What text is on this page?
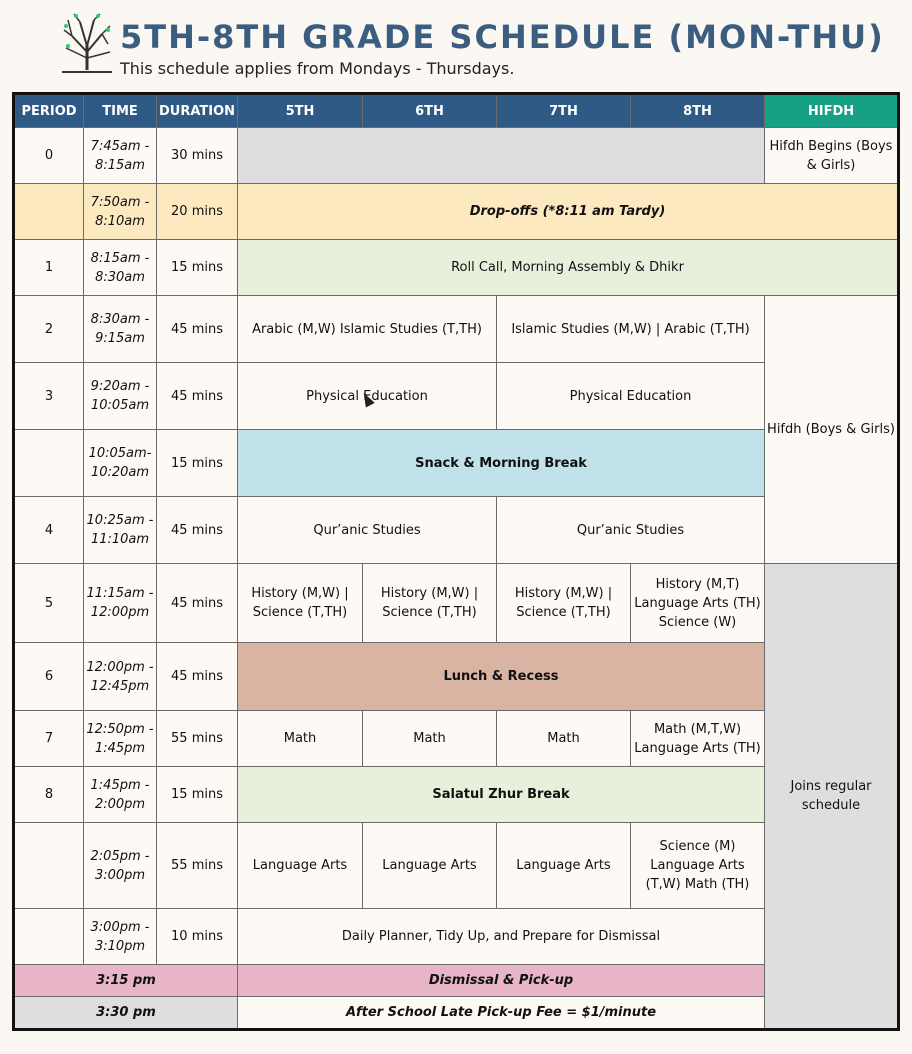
5TH-8TH GRADE SCHEDULE (MON-THU)
This schedule applies from Mondays - Thursdays.
PERIOD	TIME	DURATION	5TH	6TH	7TH	8TH	HIFDH
0	7:45am - 8:15am	30 mins					Hifdh Begins (Boys & Girls)
	7:50am - 8:10am	20 mins	Drop-offs (*8:11 am Tardy)				
1	8:15am - 8:30am	15 mins	Roll Call, Morning Assembly & Dhikr				
2	8:30am - 9:15am	45 mins	Arabic (M,W) Islamic Studies (T,TH)		Islamic Studies (M,W) | Arabic (T,TH)		Hifdh (Boys & Girls)
3	9:20am - 10:05am	45 mins	Physical Education		Physical Education		
	10:05am- 10:20am	15 mins	Snack & Morning Break				
4	10:25am - 11:10am	45 mins	Qur’anic Studies		Qur’anic Studies		
5	11:15am - 12:00pm	45 mins	History (M,W) | Science (T,TH)	History (M,W) | Science (T,TH)	History (M,W) | Science (T,TH)	History (M,T) Language Arts (TH) Science (W)	Joins regular schedule
6	12:00pm - 12:45pm	45 mins	Lunch & Recess				
7	12:50pm - 1:45pm	55 mins	Math	Math	Math	Math (M,T,W) Language Arts (TH)	
8	1:45pm - 2:00pm	15 mins	Salatul Zhur Break				
	2:05pm - 3:00pm	55 mins	Language Arts	Language Arts	Language Arts	Science (M) Language Arts (T,W) Math (TH)	
	3:00pm - 3:10pm	10 mins	Daily Planner, Tidy Up, and Prepare for Dismissal				
3:15 pm			Dismissal & Pick-up				
3:30 pm			After School Late Pick-up Fee = $1/minute				
